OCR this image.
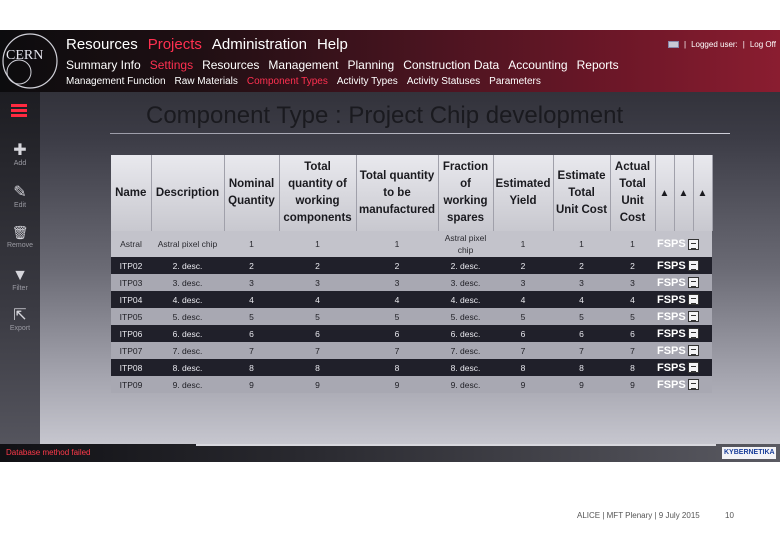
CERN
Resources Projects Administration Help
Summary Info Settings Resources Management Planning Construction Data Accounting Reports
Management Function Raw Materials Component Types Activity Types Activity Statuses Parameters
| Logged user: | Log Off
✚
Add
✎
Edit
🗑
Remove
▼
Filter
⇱
Export
Component Type : Project Chip development
Name	Description	Nominal Quantity	Total quantity of working components	Total quantity to be manufactured	Fraction of working spares	Estimated Yield	Estimate Total Unit Cost	Actual Total Unit Cost	▲	▲	▲
Astral	Astral pixel chip	1	1	1	Astral pixel chip	1	1	1	FSPS		
ITP02	2. desc.	2	2	2	2. desc.	2	2	2	FSPS		
ITP03	3. desc.	3	3	3	3. desc.	3	3	3	FSPS		
ITP04	4. desc.	4	4	4	4. desc.	4	4	4	FSPS		
ITP05	5. desc.	5	5	5	5. desc.	5	5	5	FSPS		
ITP06	6. desc.	6	6	6	6. desc.	6	6	6	FSPS		
ITP07	7. desc.	7	7	7	7. desc.	7	7	7	FSPS		
ITP08	8. desc.	8	8	8	8. desc.	8	8	8	FSPS		
ITP09	9. desc.	9	9	9	9. desc.	9	9	9	FSPS		
Database method failed	KYBERNETIKA
ALICE | MFT Plenary | 9 July 2015	10
